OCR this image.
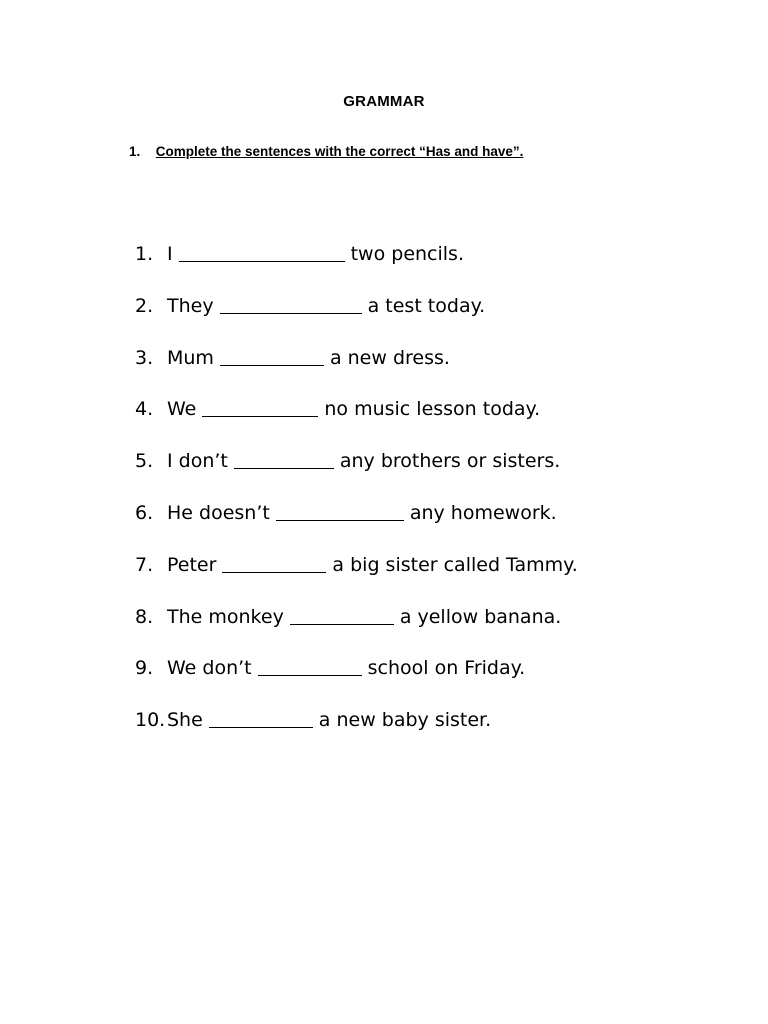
GRAMMAR
1. Complete the sentences with the correct “Has and have”.
1. I	two pencils.
2. They	a test today.
3. Mum	a new dress.
4. We	no music lesson today.
5. I don’t	any brothers or sisters.
6. He doesn’t	any homework.
7. Peter	a big sister called Tammy.
8. The monkey	a yellow banana.
9. We don’t	school on Friday.
10. She	a new baby sister.
